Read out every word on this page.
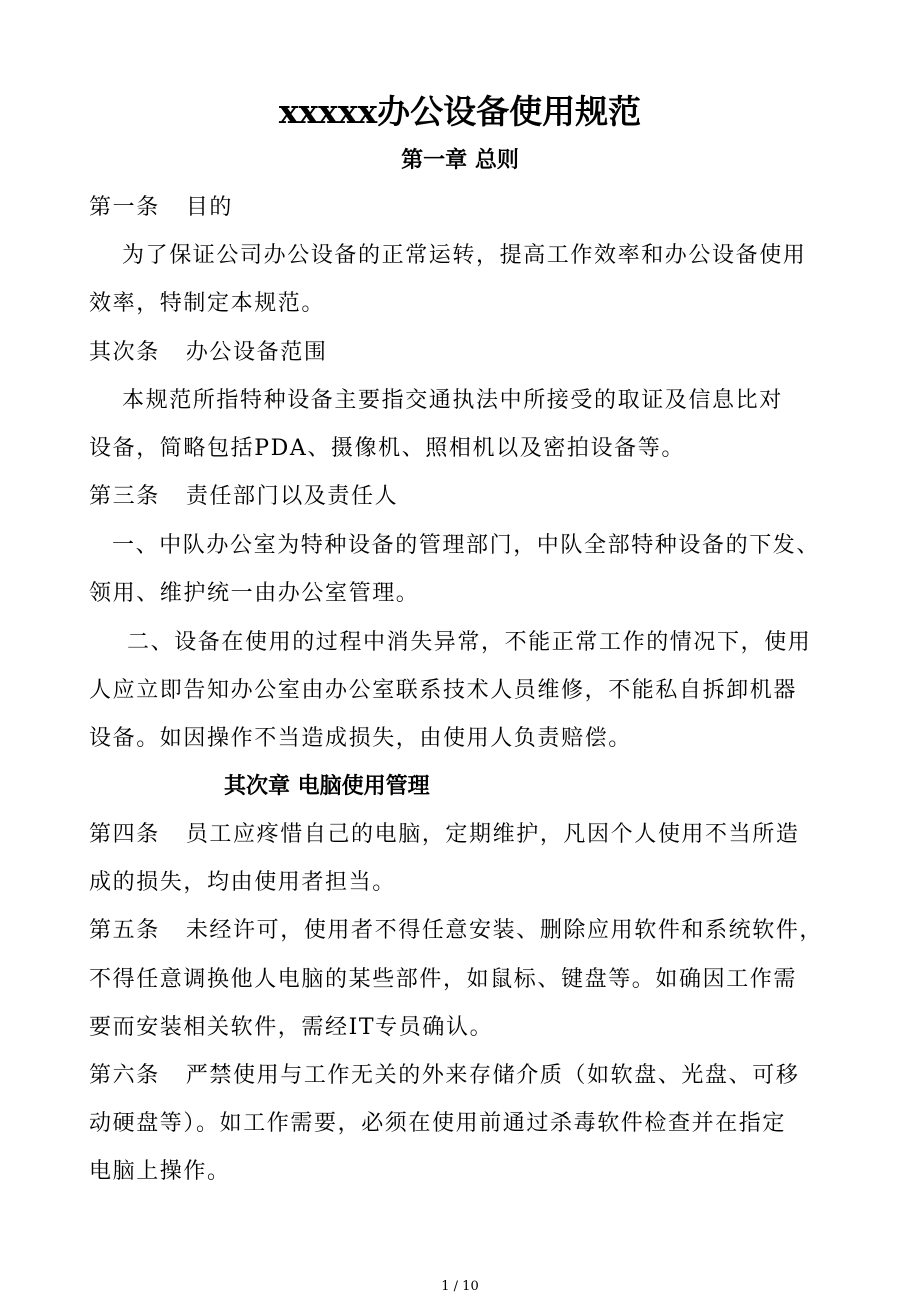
xxxxx办公设备使用规范
第一章 总则
第一条 目的
为了保证公司办公设备的正常运转，提高工作效率和办公设备使用
效率，特制定本规范。
其次条 办公设备范围
本规范所指特种设备主要指交通执法中所接受的取证及信息比对
设备，简略包括PDA、摄像机、照相机以及密拍设备等。
第三条 责任部门以及责任人
一、中队办公室为特种设备的管理部门，中队全部特种设备的下发、
领用、维护统一由办公室管理。
二、设备在使用的过程中消失异常，不能正常工作的情况下，使用
人应立即告知办公室由办公室联系技术人员维修，不能私自拆卸机器
设备。如因操作不当造成损失，由使用人负责赔偿。
其次章 电脑使用管理
第四条 员工应疼惜自己的电脑，定期维护，凡因个人使用不当所造
成的损失，均由使用者担当。
第五条 未经许可，使用者不得任意安装、删除应用软件和系统软件，
不得任意调换他人电脑的某些部件，如鼠标、键盘等。如确因工作需
要而安装相关软件，需经IT专员确认。
第六条 严禁使用与工作无关的外来存储介质（如软盘、光盘、可移
动硬盘等）。如工作需要，必须在使用前通过杀毒软件检查并在指定
电脑上操作。
1 / 10
